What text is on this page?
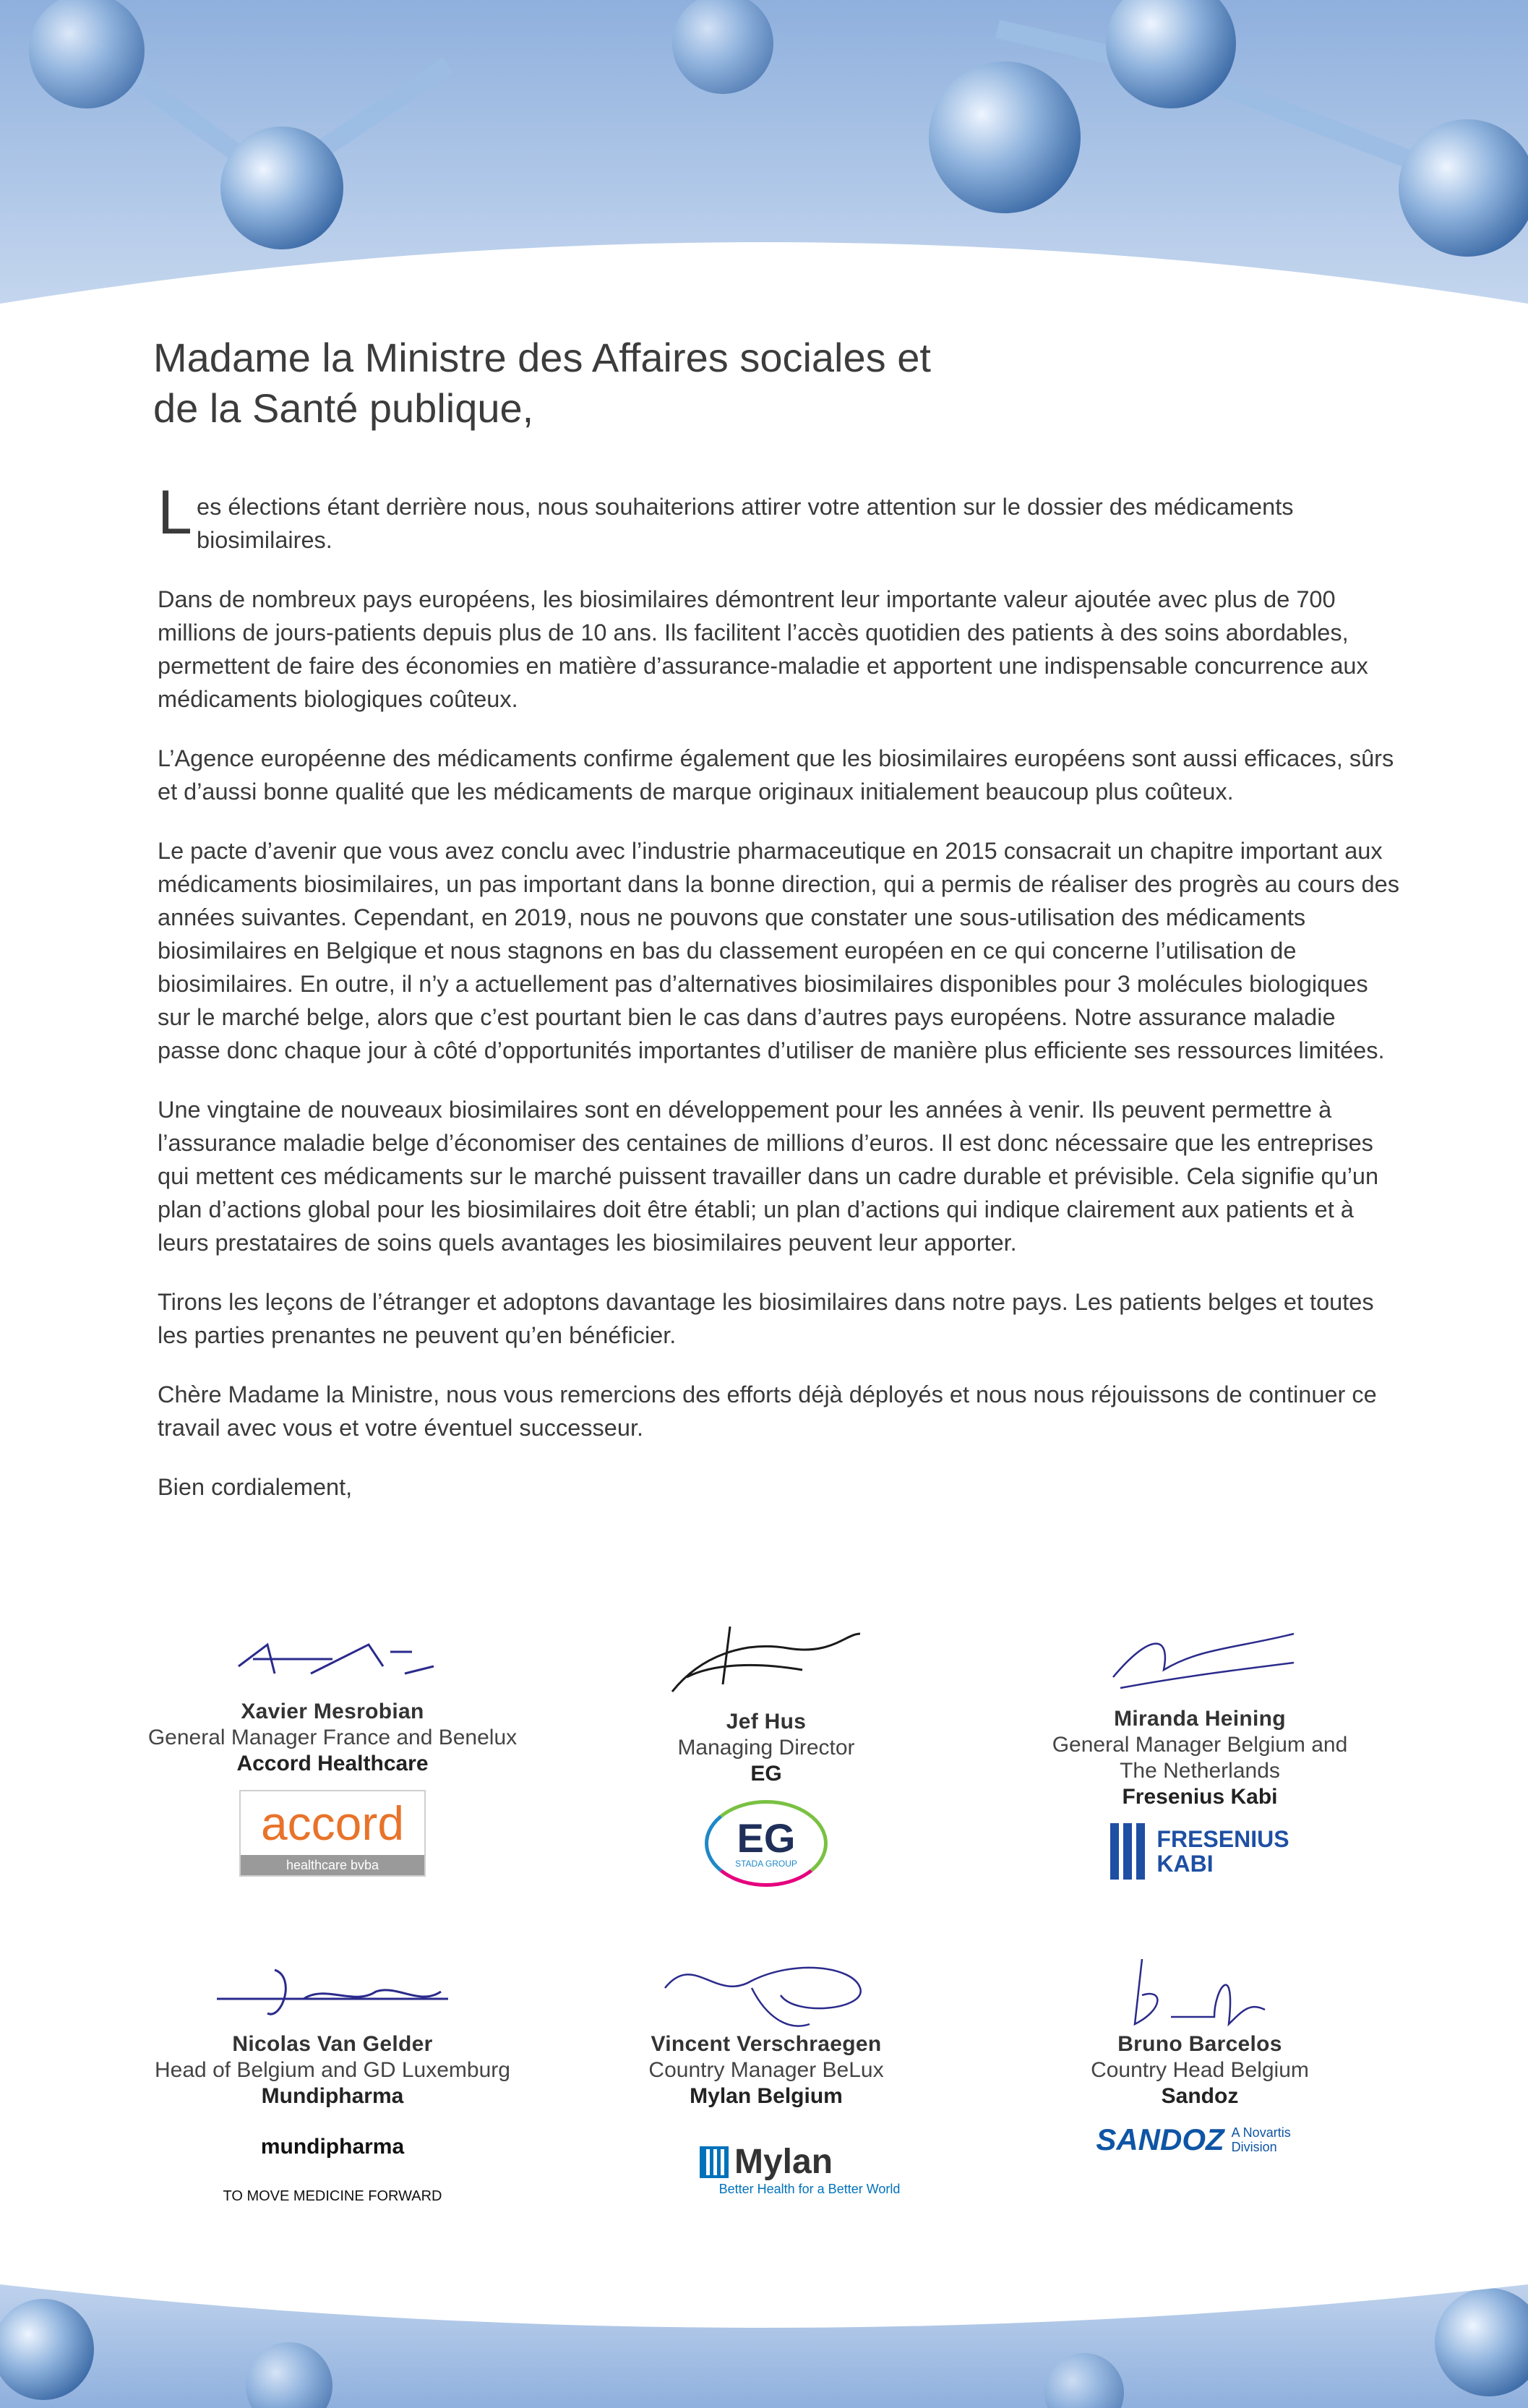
Madame la Ministre des Affaires sociales et
de la Santé publique,

L es élections étant derrière nous, nous souhaiterions attirer votre attention sur le dossier des médicaments biosimilaires.

Dans de nombreux pays européens, les biosimilaires démontrent leur importante valeur ajoutée avec plus de 700 millions de jours-patients depuis plus de 10 ans. Ils facilitent l’accès quotidien des patients à des soins abordables, permettent de faire des économies en matière d’assurance-maladie et apportent une indispensable concurrence aux médicaments biologiques coûteux.

L’Agence européenne des médicaments confirme également que les biosimilaires européens sont aussi efficaces, sûrs et d’aussi bonne qualité que les médicaments de marque originaux initialement beaucoup plus coûteux.

Le pacte d’avenir que vous avez conclu avec l’industrie pharmaceutique en 2015 consacrait un chapitre important aux médicaments biosimilaires, un pas important dans la bonne direction, qui a permis de réaliser des progrès au cours des années suivantes. Cependant, en 2019, nous ne pouvons que constater une sous-utilisation des médicaments biosimilaires en Belgique et nous stagnons en bas du classement européen en ce qui concerne l’utilisation de biosimilaires. En outre, il n’y a actuellement pas d’alternatives biosimilaires disponibles pour 3 molécules biologiques sur le marché belge, alors que c’est pourtant bien le cas dans d’autres pays européens. Notre assurance maladie passe donc chaque jour à côté d’opportunités importantes d’utiliser de manière plus efficiente ses ressources limitées.

Une vingtaine de nouveaux biosimilaires sont en développement pour les années à venir. Ils peuvent permettre à l’assurance maladie belge d’économiser des centaines de millions d’euros. Il est donc nécessaire que les entreprises qui mettent ces médicaments sur le marché puissent travailler dans un cadre durable et prévisible. Cela signifie qu’un plan d’actions global pour les biosimilaires doit être établi; un plan d’actions qui indique clairement aux patients et à leurs prestataires de soins quels avantages les biosimilaires peuvent leur apporter.

Tirons les leçons de l’étranger et adoptons davantage les biosimilaires dans notre pays. Les patients belges et toutes les parties prenantes ne peuvent qu’en bénéficier.

Chère Madame la Ministre, nous vous remercions des efforts déjà déployés et nous nous réjouissons de continuer ce travail avec vous et votre éventuel successeur.

Bien cordialement,

Xavier Mesrobian
General Manager France and Benelux
Accord Healthcare
accord
healthcare bvba
Jef Hus
Managing Director
EG
EG
STADA GROUP
Miranda Heining
General Manager Belgium and The Netherlands
Fresenius Kabi
FRESENIUS
KABI
Nicolas Van Gelder
Head of Belgium and GD Luxemburg
Mundipharma
mundipharma
TO MOVE MEDICINE FORWARD
Vincent Verschraegen
Country Manager BeLux
Mylan Belgium
Mylan
Better Health for a Better World
Bruno Barcelos
Country Head Belgium
Sandoz
SANDOZ A Novartis Division
